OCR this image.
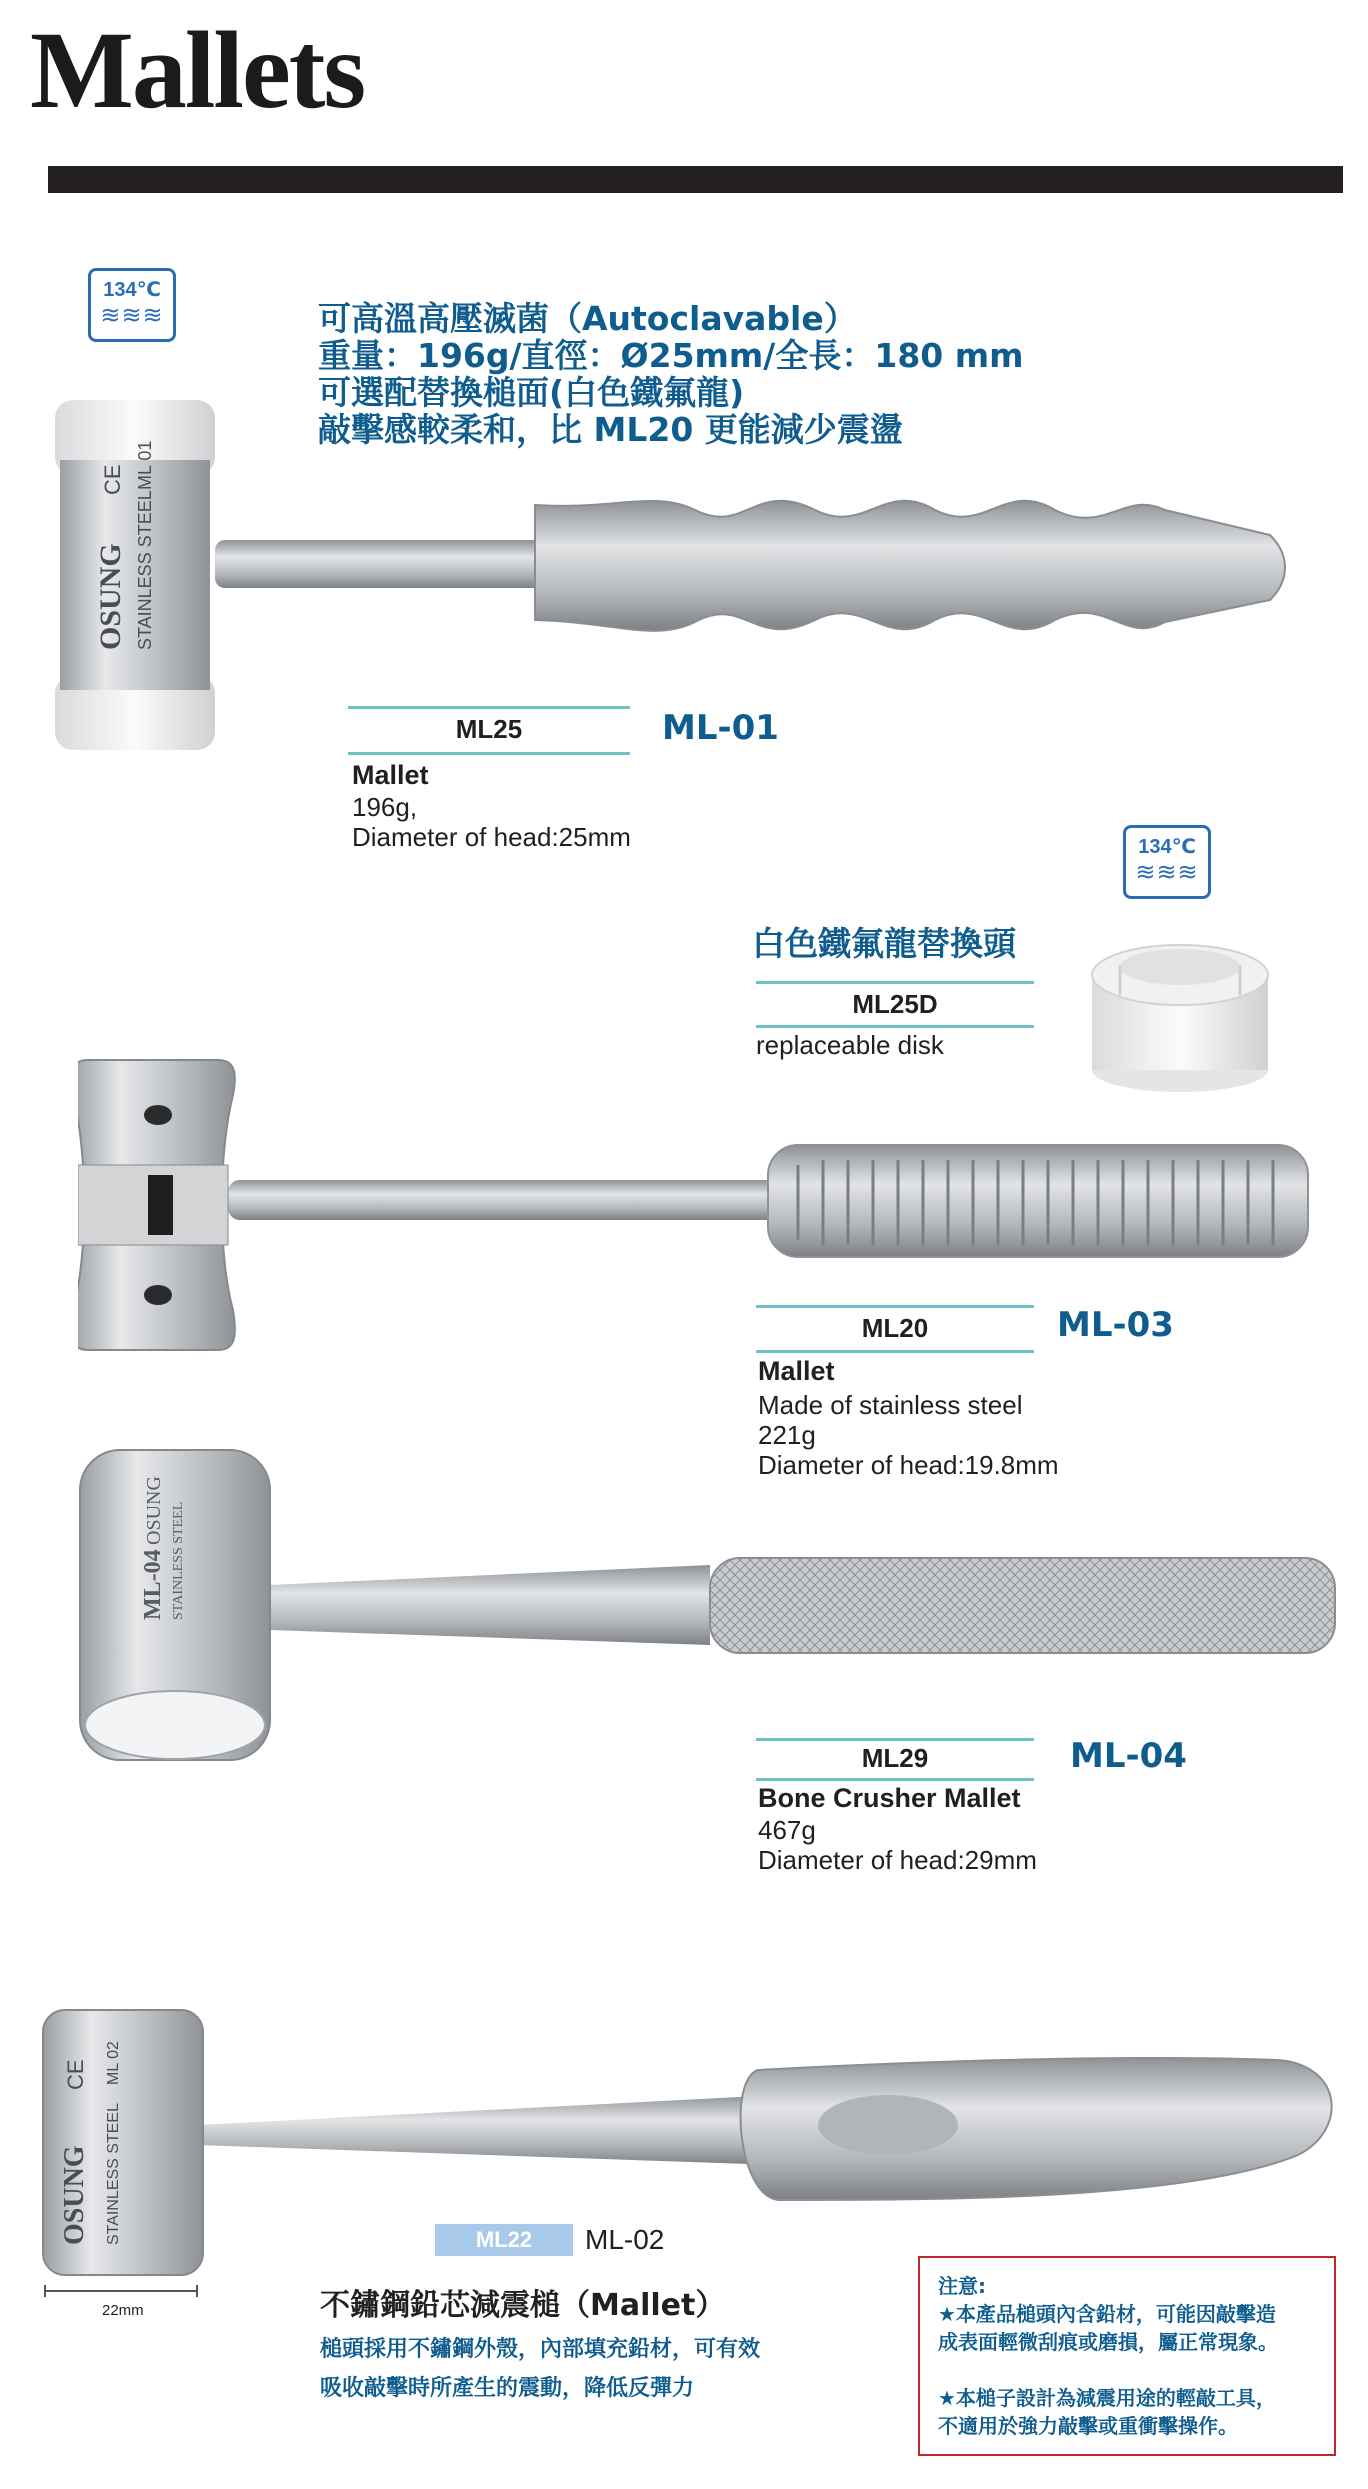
Mallets
134℃
≋≋≋	可高溫高壓滅菌（Autoclavable）
重量：196g/直徑：Ø25mm/全長：180 mm
可選配替換槌面(白色鐵氟龍)
敲擊感較柔和，比 ML20 更能減少震盪
OSUNG STAINLESS STEEL
ML 01
CE
ML25	ML-01
Mallet
196g,
Diameter of head:25mm	134℃
≋≋≋
白色鐵氟龍替換頭
ML25D
replaceable disk
ML20	ML-03
Mallet
Made of stainless steel
221g
Diameter of head:19.8mm
ML-04
OSUNG STAINLESS STEEL
ML29	ML-04
Bone Crusher Mallet
467g
Diameter of head:29mm
OSUNG STAINLESS STEEL
ML 02
CE
22mm
ML22	ML-02
不鏽鋼鉛芯減震槌（Mallet）
槌頭採用不鏽鋼外殼，內部填充鉛材，可有效
吸收敲擊時所產生的震動，降低反彈力
注意:
★本產品槌頭內含鉛材，可能因敲擊造
成表面輕微刮痕或磨損，屬正常現象。
★本槌子設計為減震用途的輕敲工具，
不適用於強力敲擊或重衝擊操作。
